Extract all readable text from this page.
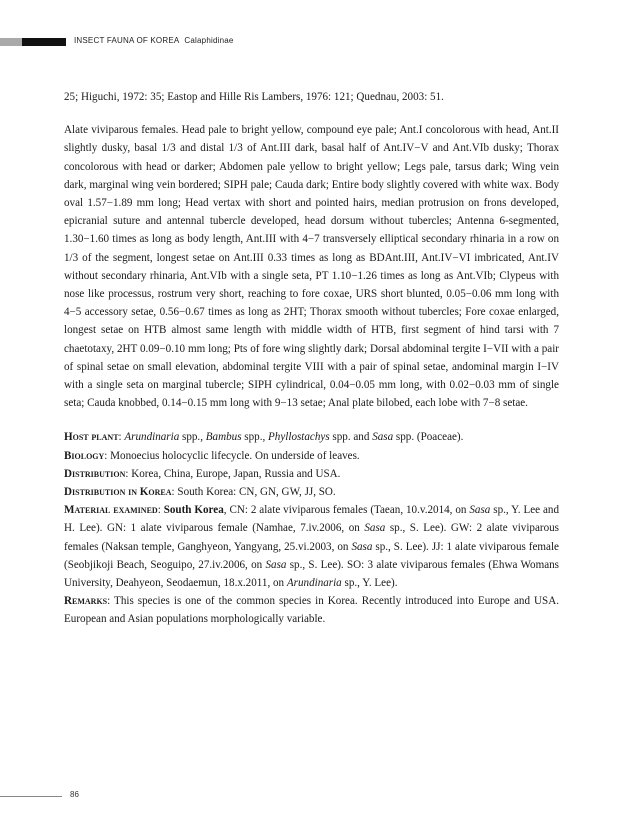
INSECT FAUNA OF KOREA Calaphidinae

25; Higuchi, 1972: 35; Eastop and Hille Ris Lambers, 1976: 121; Quednau, 2003: 51.

Alate viviparous females. Head pale to bright yellow, compound eye pale; Ant.I concolorous with head, Ant.II slightly dusky, basal 1/3 and distal 1/3 of Ant.III dark, basal half of Ant.IV−V and Ant.VIb dusky; Thorax concolorous with head or darker; Abdomen pale yellow to bright yellow; Legs pale, tarsus dark; Wing vein dark, marginal wing vein bordered; SIPH pale; Cauda dark; Entire body slightly covered with white wax. Body oval 1.57−1.89 mm long; Head vertax with short and pointed hairs, median protrusion on frons developed, epicranial suture and antennal tubercle developed, head dorsum without tubercles; Antenna 6-segmented, 1.30−1.60 times as long as body length, Ant.III with 4−7 transversely elliptical secondary rhinaria in a row on 1/3 of the segment, longest setae on Ant.III 0.33 times as long as BDAnt.III, Ant.IV−VI imbricated, Ant.IV without secondary rhinaria, Ant.VIb with a single seta, PT 1.10−1.26 times as long as Ant.VIb; Clypeus with nose like processus, rostrum very short, reaching to fore coxae, URS short blunted, 0.05−0.06 mm long with 4−5 accessory setae, 0.56−0.67 times as long as 2HT; Thorax smooth without tubercles; Fore coxae enlarged, longest setae on HTB almost same length with middle width of HTB, first segment of hind tarsi with 7 chaetotaxy, 2HT 0.09−0.10 mm long; Pts of fore wing slightly dark; Dorsal abdominal tergite I−VII with a pair of spinal setae on small elevation, abdominal tergite VIII with a pair of spinal setae, andominal margin I−IV with a single seta on marginal tubercle; SIPH cylindrical, 0.04−0.05 mm long, with 0.02−0.03 mm of single seta; Cauda knobbed, 0.14−0.15 mm long with 9−13 setae; Anal plate bilobed, each lobe with 7−8 setae.

Host plant: Arundinaria spp., Bambus spp., Phyllostachys spp. and Sasa spp. (Poaceae).

Biology: Monoecius holocyclic lifecycle. On underside of leaves.

Distribution: Korea, China, Europe, Japan, Russia and USA.

Distribution in Korea: South Korea: CN, GN, GW, JJ, SO.

Material examined: South Korea, CN: 2 alate viviparous females (Taean, 10.v.2014, on Sasa sp., Y. Lee and H. Lee). GN: 1 alate viviparous female (Namhae, 7.iv.2006, on Sasa sp., S. Lee). GW: 2 alate viviparous females (Naksan temple, Ganghyeon, Yangyang, 25.vi.2003, on Sasa sp., S. Lee). JJ: 1 alate viviparous female (Seobjikoji Beach, Seoguipo, 27.iv.2006, on Sasa sp., S. Lee). SO: 3 alate viviparous females (Ehwa Womans University, Deahyeon, Seodaemun, 18.x.2011, on Arundinaria sp., Y. Lee).

Remarks: This species is one of the common species in Korea. Recently introduced into Europe and USA. European and Asian populations morphologically variable.

86
